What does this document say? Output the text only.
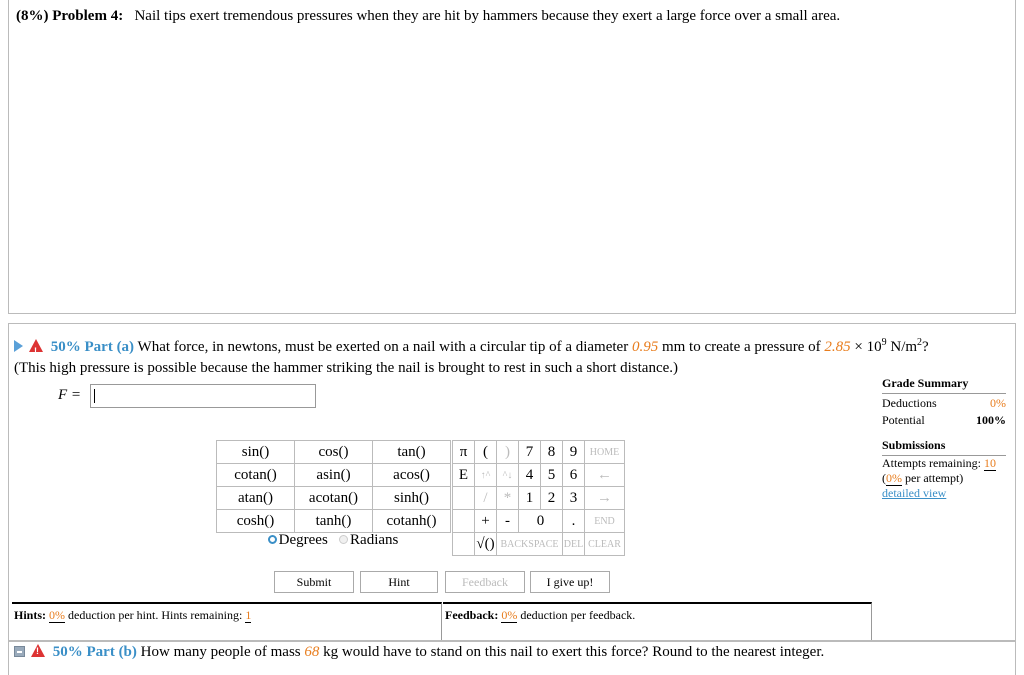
(8%) Problem 4: Nail tips exert tremendous pressures when they are hit by hammers because they exert a large force over a small area.
! 50% Part (a) What force, in newtons, must be exerted on a nail with a circular tip of a diameter 0.95 mm to create a pressure of $2.85 \times 10^9$ $N/m^2$?
(This high pressure is possible because the hammer striking the nail is brought to rest in such a short distance.)
F =
Grade Summary
Deductions	0%
Potential	100%
Submissions
Attempts remaining: 10
(0% per attempt)
detailed view
sin()	cos()	tan()
cotan()	asin()	acos()
atan()	acotan()	sinh()
cosh()	tanh()	cotanh()
Degrees Radians
π	(	)	7	8	9	HOME
E	↑^	^↓	4	5	6	←
	/	*	1	2	3	→
	+	-	0		.	END
	√()	BACKSPACE			DEL	CLEAR
Submit	Hint	Feedback	I give up!
Hints: 0% deduction per hint. Hints remaining: 1	Feedback: 0% deduction per feedback.
! 50% Part (b) How many people of mass 68 kg would have to stand on this nail to exert this force? Round to the nearest integer.
